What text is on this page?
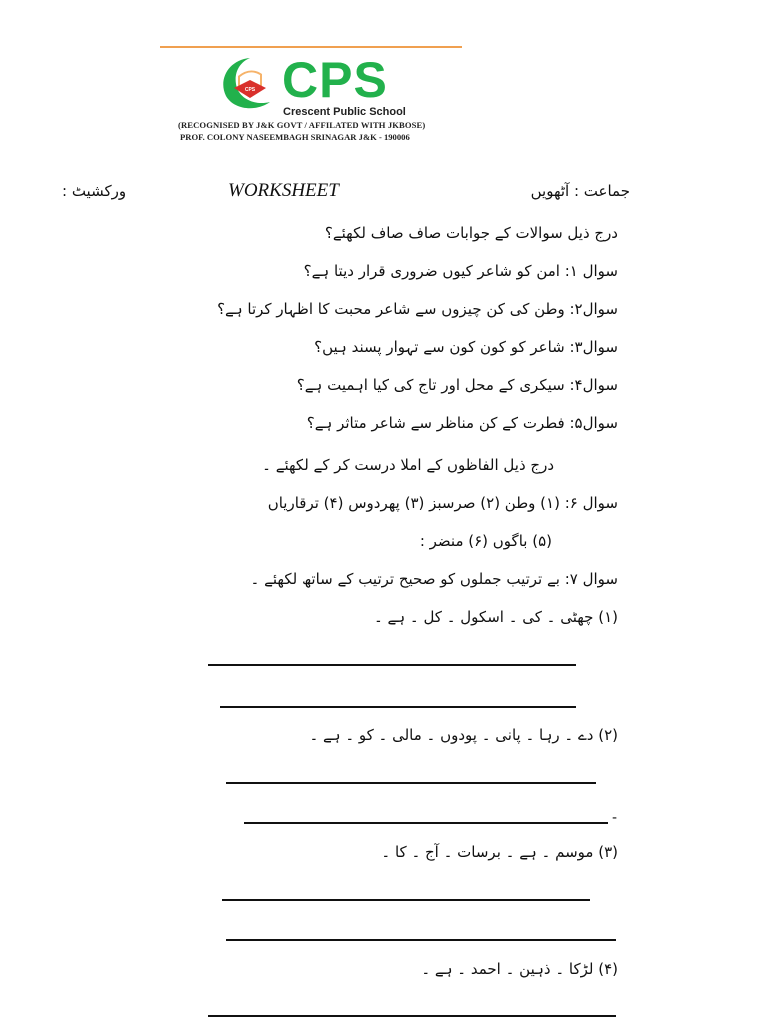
CPS CPS
Crescent Public School
(RECOGNISED BY J&K GOVT / AFFILATED WITH JKBOSE)
PROF. COLONY NASEEMBAGH SRINAGAR J&K - 190006
ورکشیٹ :	WORKSHEET	جماعت : آٹھویں
درج ذیل سوالات کے جوابات صاف صاف لکھئے؟
سوال ۱: امن کو شاعر کیوں ضروری قرار دیتا ہے؟
سوال۲: وطن کی کن چیزوں سے شاعر محبت کا اظہار کرتا ہے؟
سوال۳: شاعر کو کون کون سے تہوار پسند ہیں؟
سوال۴: سیکری کے محل اور تاج کی کیا اہمیت ہے؟
سوال۵: فطرت کے کن مناظر سے شاعر متاثر ہے؟
درج ذیل الفاظوں کے املا درست کر کے لکھئے ۔
سوال ۶: (۱) وطن (۲) صرسبز (۳) پھردوس (۴) ترقاریاں
(۵) باگوں (۶) منضر :
سوال ۷: بے ترتیب جملوں کو صحیح ترتیب کے ساتھ لکھئے ۔
(۱) چھٹی ۔ کی ۔ اسکول ۔ کل ۔ ہے ۔
(۲) دے ۔ رہا ۔ پانی ۔ پودوں ۔ مالی ۔ کو ۔ ہے ۔
-
(۳) موسم ۔ ہے ۔ برسات ۔ آج ۔ کا ۔
(۴) لڑکا ۔ ذہین ۔ احمد ۔ ہے ۔
